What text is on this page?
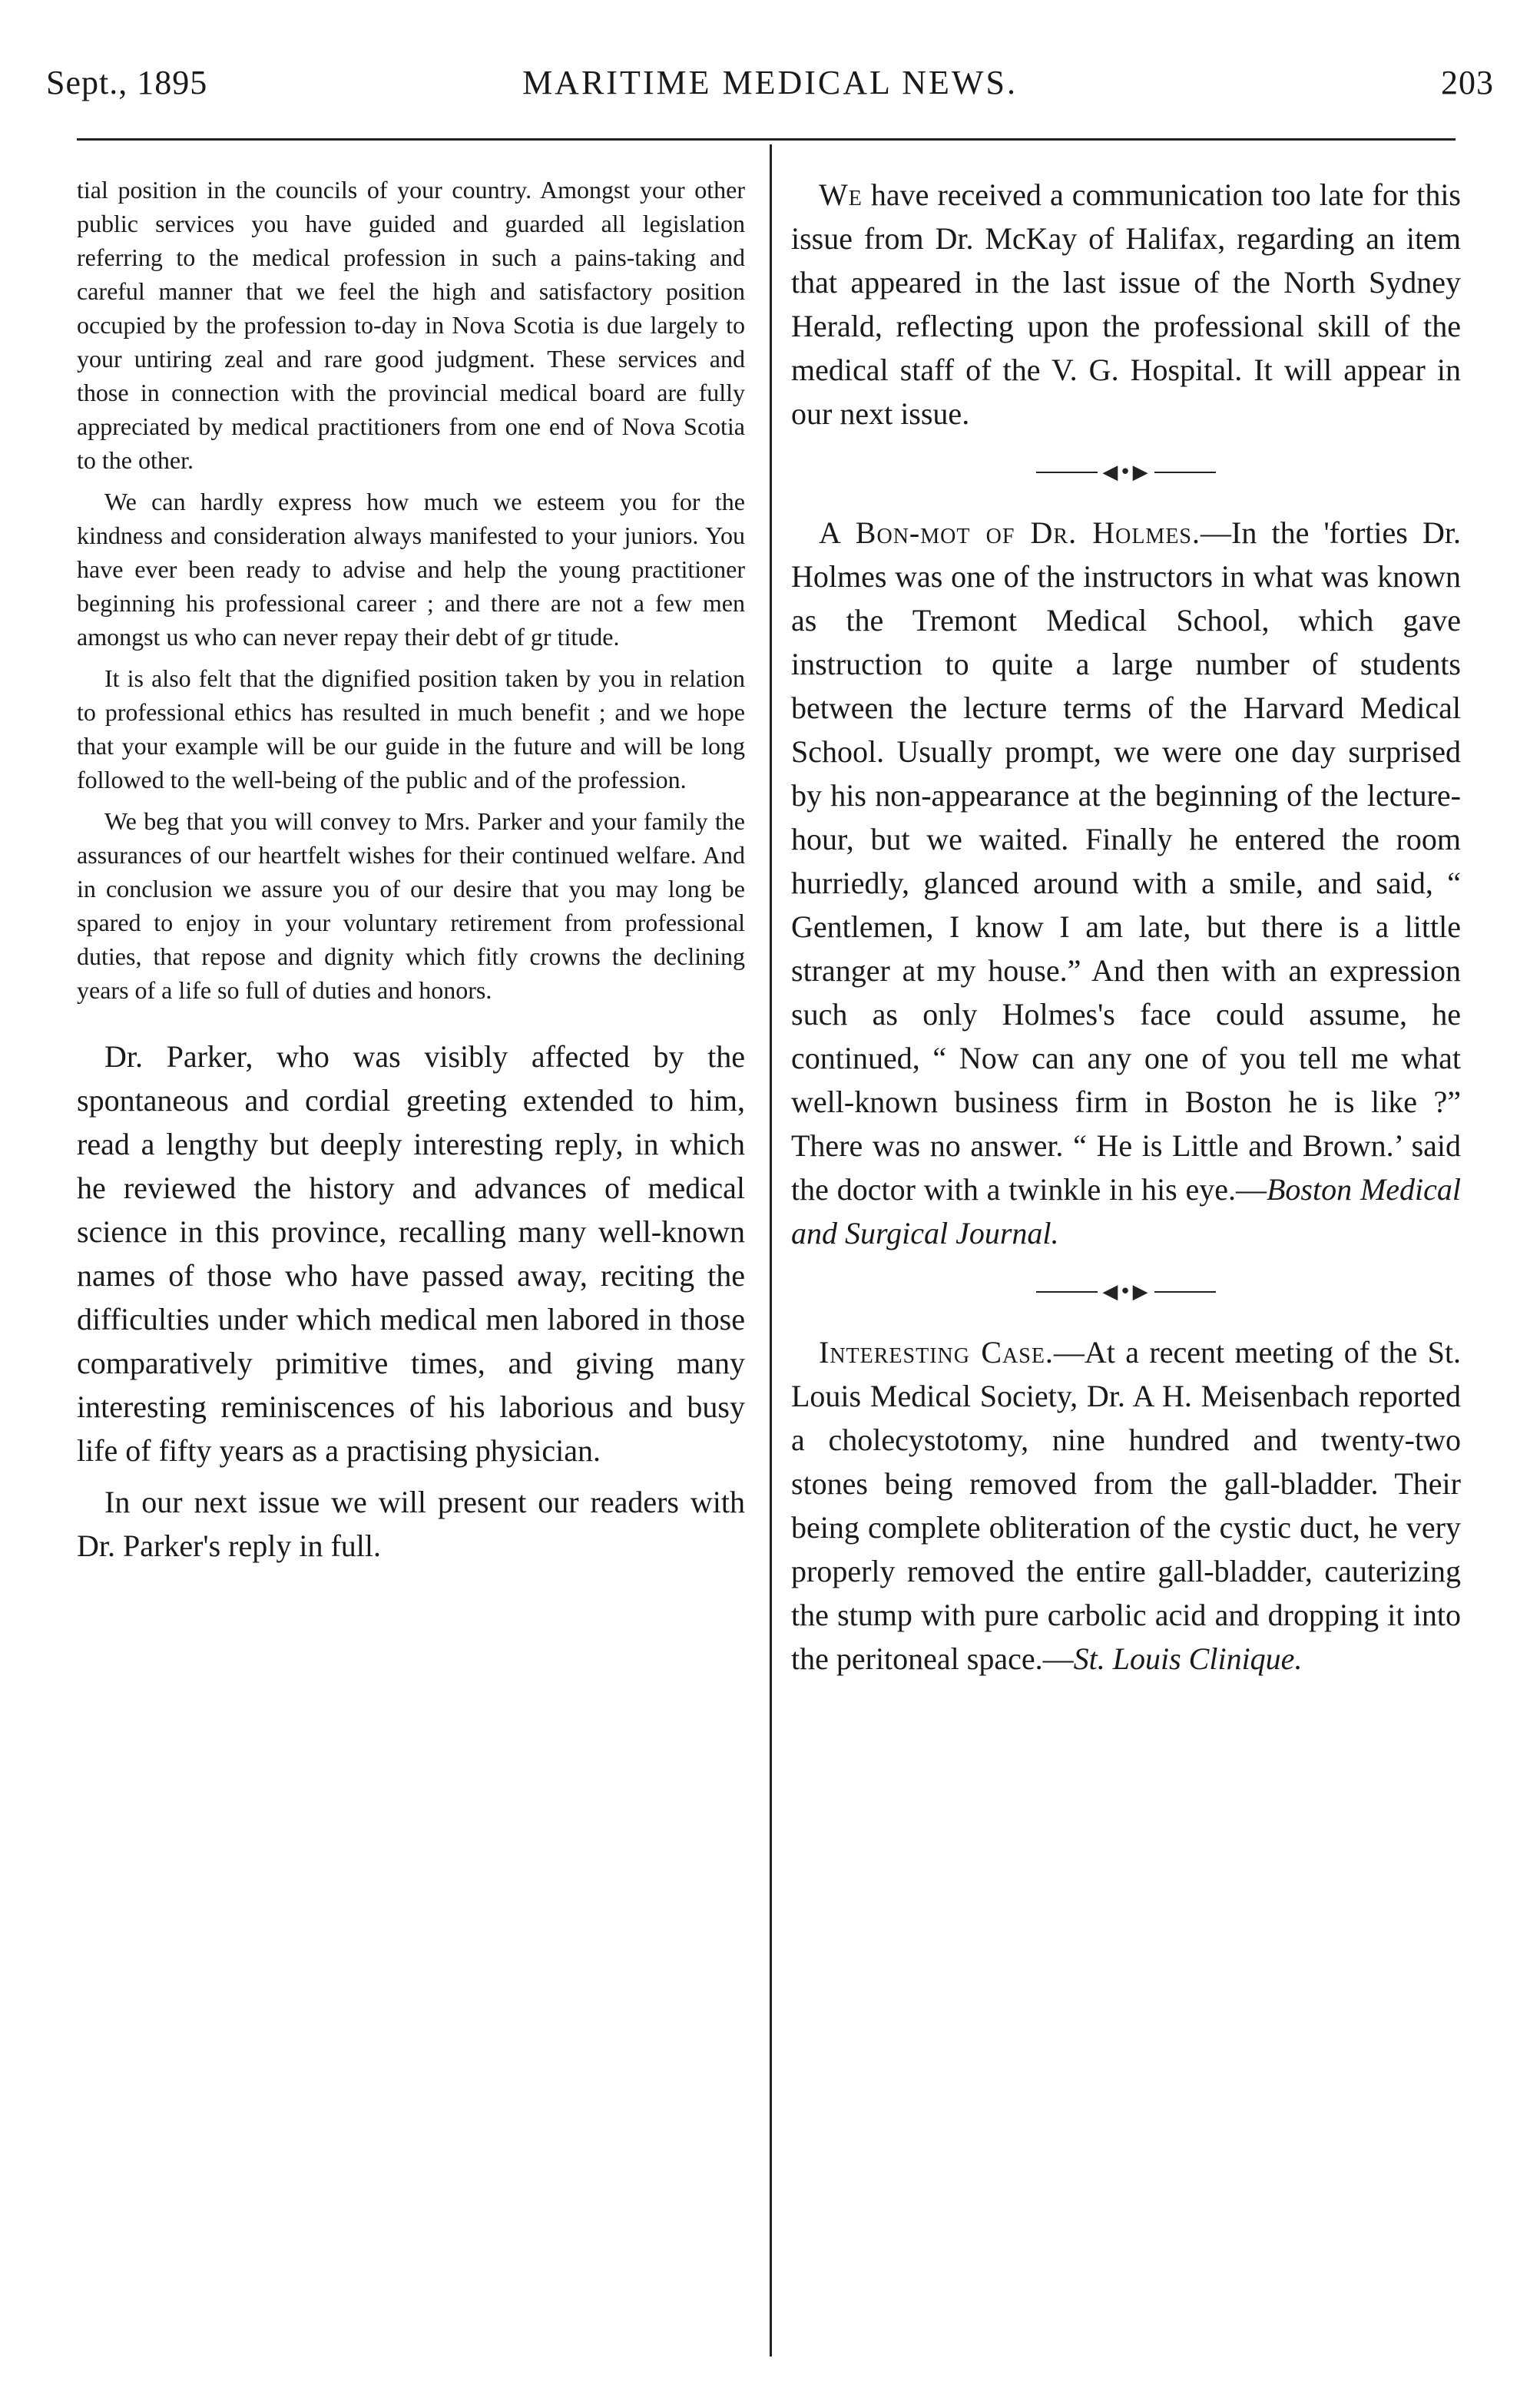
Sept., 1895	MARITIME MEDICAL NEWS.	203

tial position in the councils of your country. Amongst your other public services you have guided and guarded all legislation referring to the medical profession in such a pains-taking and careful manner that we feel the high and satisfactory position occupied by the profession to-day in Nova Scotia is due largely to your untiring zeal and rare good judgment. These services and those in connection with the provincial medical board are fully appreciated by medical practitioners from one end of Nova Scotia to the other.

We can hardly express how much we esteem you for the kindness and consideration always manifested to your juniors. You have ever been ready to advise and help the young practitioner beginning his professional career ; and there are not a few men amongst us who can never repay their debt of gr titude.

It is also felt that the dignified position taken by you in relation to professional ethics has resulted in much benefit ; and we hope that your example will be our guide in the future and will be long followed to the well-being of the public and of the profession.

We beg that you will convey to Mrs. Parker and your family the assurances of our heartfelt wishes for their continued welfare. And in conclusion we assure you of our desire that you may long be spared to enjoy in your voluntary retirement from professional duties, that repose and dignity which fitly crowns the declining years of a life so full of duties and honors.

Dr. Parker, who was visibly affected by the spontaneous and cordial greeting extended to him, read a lengthy but deeply interesting reply, in which he reviewed the history and advances of medical science in this province, recalling many well-known names of those who have passed away, reciting the difficulties under which medical men labored in those comparatively primitive times, and giving many interesting reminiscences of his laborious and busy life of fifty years as a practising physician.

In our next issue we will present our readers with Dr. Parker's reply in full.

We have received a communication too late for this issue from Dr. McKay of Halifax, regarding an item that appeared in the last issue of the North Sydney Herald, reflecting upon the professional skill of the medical staff of the V. G. Hospital. It will appear in our next issue.

◀•▶

A Bon-mot of Dr. Holmes.—In the 'forties Dr. Holmes was one of the instructors in what was known as the Tremont Medical School, which gave instruction to quite a large number of students between the lecture terms of the Harvard Medical School. Usually prompt, we were one day surprised by his non-appearance at the beginning of the lecture-hour, but we waited. Finally he entered the room hurriedly, glanced around with a smile, and said, “ Gentlemen, I know I am late, but there is a little stranger at my house.” And then with an expression such as only Holmes's face could assume, he continued, “ Now can any one of you tell me what well-known business firm in Boston he is like ?” There was no answer. “ He is Little and Brown.’ said the doctor with a twinkle in his eye.—Boston Medical and Surgical Journal.

◀•▶

Interesting Case.—At a recent meeting of the St. Louis Medical Society, Dr. A H. Meisenbach reported a cholecystotomy, nine hundred and twenty-two stones being removed from the gall-bladder. Their being complete obliteration of the cystic duct, he very properly removed the entire gall-bladder, cauterizing the stump with pure carbolic acid and dropping it into the peritoneal space.—St. Louis Clinique.
